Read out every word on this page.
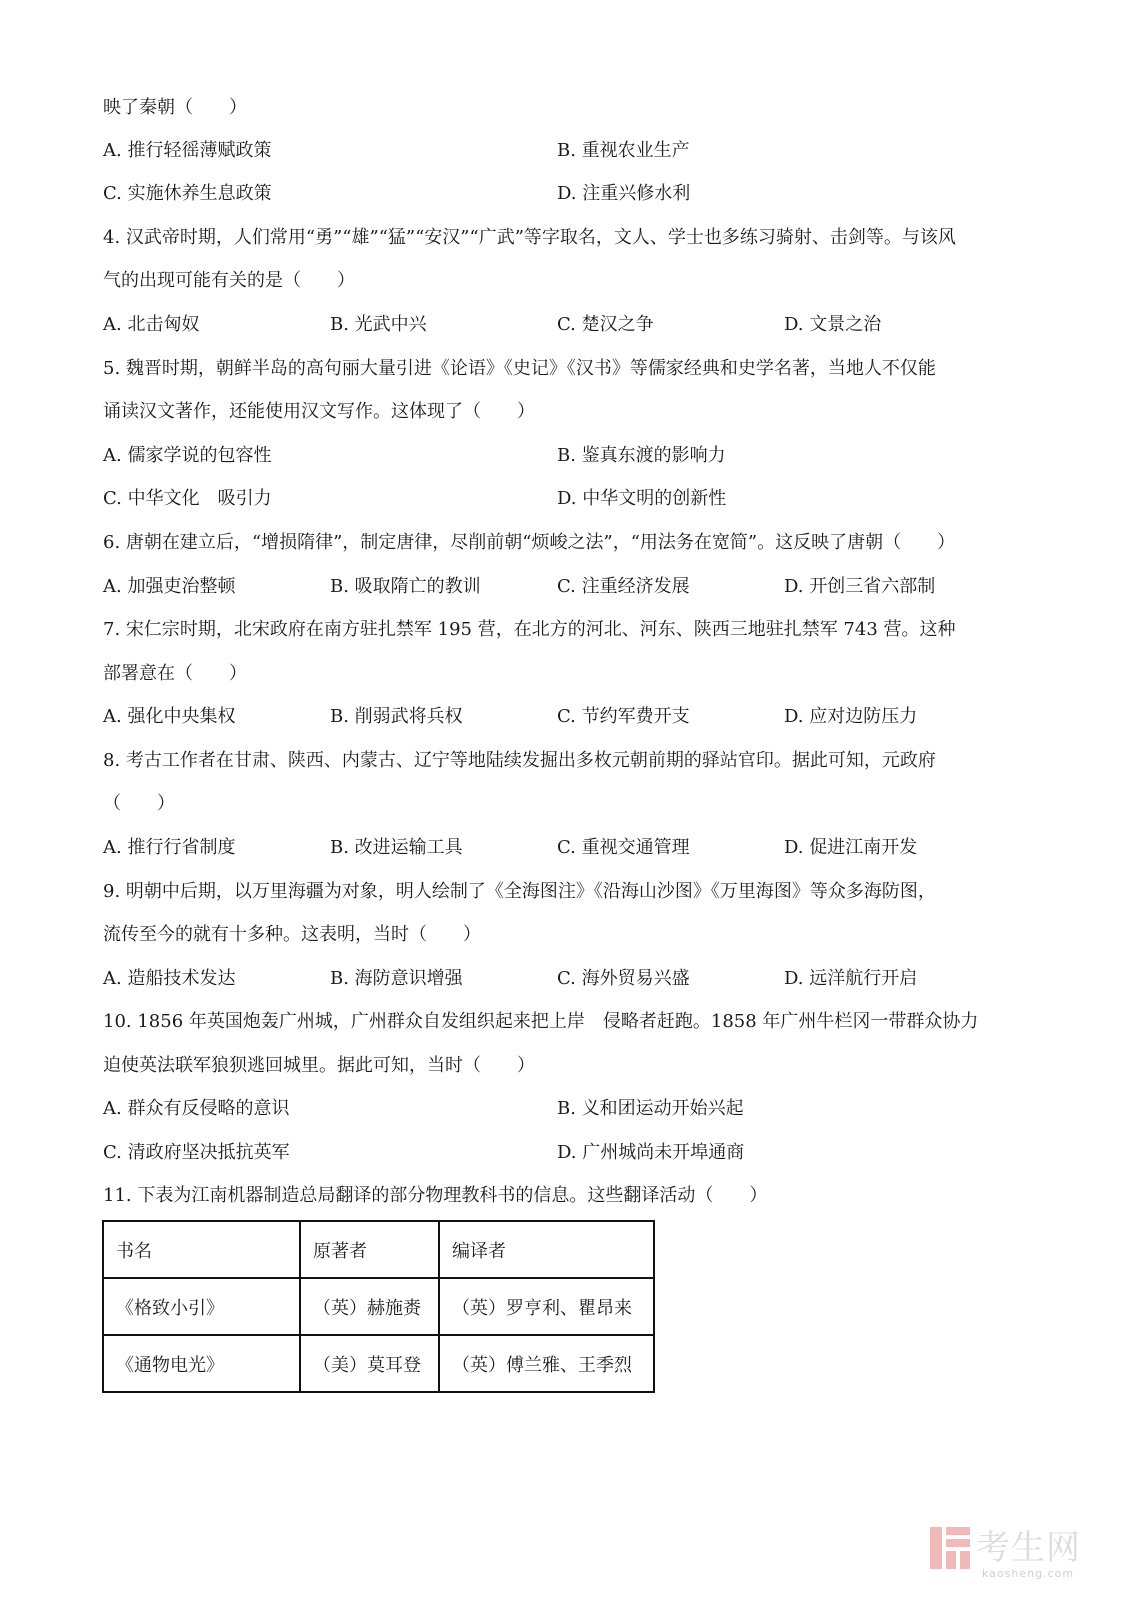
映了秦朝（　　）
A. 推行轻徭薄赋政策	B. 重视农业生产
C. 实施休养生息政策	D. 注重兴修水利
4. 汉武帝时期，人们常用“勇”“雄”“猛”“安汉”“广武”等字取名，文人、学士也多练习骑射、击剑等。与该风
气的出现可能有关的是（　　）
A. 北击匈奴	B. 光武中兴	C. 楚汉之争	D. 文景之治
5. 魏晋时期，朝鲜半岛的高句丽大量引进《论语》《史记》《汉书》等儒家经典和史学名著，当地人不仅能
诵读汉文著作，还能使用汉文写作。这体现了（　　）
A. 儒家学说的包容性	B. 鉴真东渡的影响力
C. 中华文化　吸引力	D. 中华文明的创新性
6. 唐朝在建立后，“增损隋律”，制定唐律，尽削前朝“烦峻之法”，“用法务在宽简”。这反映了唐朝（　　）
A. 加强吏治整顿	B. 吸取隋亡的教训	C. 注重经济发展	D. 开创三省六部制
7. 宋仁宗时期，北宋政府在南方驻扎禁军 195 营，在北方的河北、河东、陕西三地驻扎禁军 743 营。这种
部署意在（　　）
A. 强化中央集权	B. 削弱武将兵权	C. 节约军费开支	D. 应对边防压力
8. 考古工作者在甘肃、陕西、内蒙古、辽宁等地陆续发掘出多枚元朝前期的驿站官印。据此可知，元政府
（　　）
A. 推行行省制度	B. 改进运输工具	C. 重视交通管理	D. 促进江南开发
9. 明朝中后期，以万里海疆为对象，明人绘制了《全海图注》《沿海山沙图》《万里海图》等众多海防图，
流传至今的就有十多种。这表明，当时（　　）
A. 造船技术发达	B. 海防意识增强	C. 海外贸易兴盛	D. 远洋航行开启
10. 1856 年英国炮轰广州城，广州群众自发组织起来把上岸　侵略者赶跑。1858 年广州牛栏冈一带群众协力
迫使英法联军狼狈逃回城里。据此可知，当时（　　）
A. 群众有反侵略的意识	B. 义和团运动开始兴起
C. 清政府坚决抵抗英军	D. 广州城尚未开埠通商
11. 下表为江南机器制造总局翻译的部分物理教科书的信息。这些翻译活动（　　）
书名	原著者	编译者
《格致小引》	（英）赫施赉	（英）罗亨利、瞿昂来
《通物电光》	（美）莫耳登	（英）傅兰雅、王季烈
考生网
kaosheng.com
